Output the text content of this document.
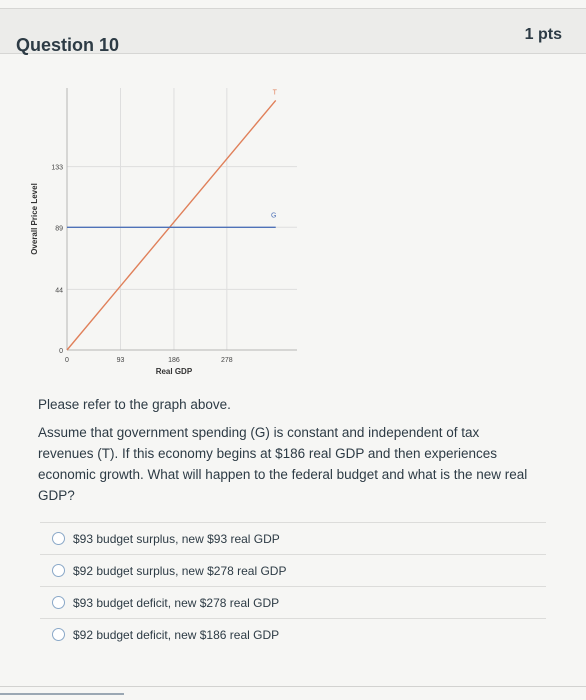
Question 10
1 pts
0	93	186	278
0
44
89
133
Real GDP
Overall Price Level
T
G

Please refer to the graph above.

Assume that government spending (G) is constant and independent of tax revenues (T). If this economy begins at $186 real GDP and then experiences economic growth. What will happen to the federal budget and what is the new real GDP?

$93 budget surplus, new $93 real GDP
$92 budget surplus, new $278 real GDP
$93 budget deficit, new $278 real GDP
$92 budget deficit, new $186 real GDP
